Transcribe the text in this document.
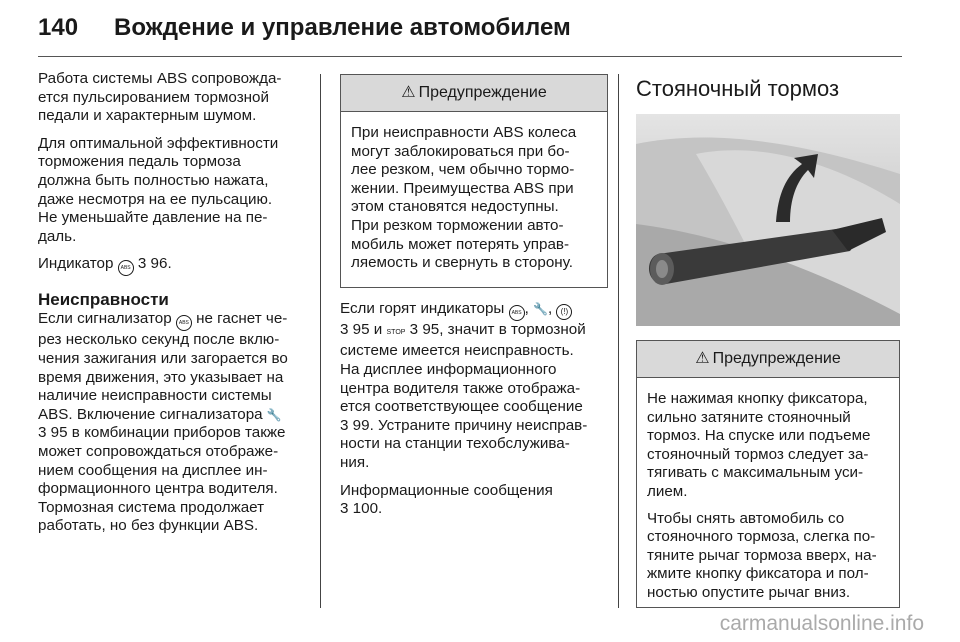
140	Вождение и управление автомобилем

Работа системы ABS сопровожда-
ется пульсированием тормозной
педали и характерным шумом.

Для оптимальной эффективности
торможения педаль тормоза
должна быть полностью нажата,
даже несмотря на ее пульсацию.
Не уменьшайте давление на пе-
даль.

Индикатор ABS 3 96.

Неисправности

Если сигнализатор ABS не гаснет че-
рез несколько секунд после вклю-
чения зажигания или загорается во
время движения, это указывает на
наличие неисправности системы
ABS. Включение сигнализатора 🔧
3 95 в комбинации приборов также
может сопровождаться отображе-
нием сообщения на дисплее ин-
формационного центра водителя.
Тормозная система продолжает
работать, но без функции ABS.

⚠ Предупреждение

При неисправности ABS колеса
могут заблокироваться при бо-
лее резком, чем обычно тормо-
жении. Преимущества ABS при
этом становятся недоступны.
При резком торможении авто-
мобиль может потерять управ-
ляемость и свернуть в сторону.

Если горят индикаторы ABS , 🔧, (!)
3 95 и STOP 3 95, значит в тормозной
системе имеется неисправность.
На дисплее информационного
центра водителя также отобража-
ется соответствующее сообщение
3 99. Устраните причину неисправ-
ности на станции техобслужива-
ния.

Информационные сообщения
3 100.

Стояночный тормоз
⚠ Предупреждение

Не нажимая кнопку фиксатора,
сильно затяните стояночный
тормоз. На спуске или подъеме
стояночный тормоз следует за-
тягивать с максимальным уси-
лием.

Чтобы снять автомобиль со
стояночного тормоза, слегка по-
тяните рычаг тормоза вверх, на-
жмите кнопку фиксатора и пол-
ностью опустите рычаг вниз.

carmanualsonline.info
